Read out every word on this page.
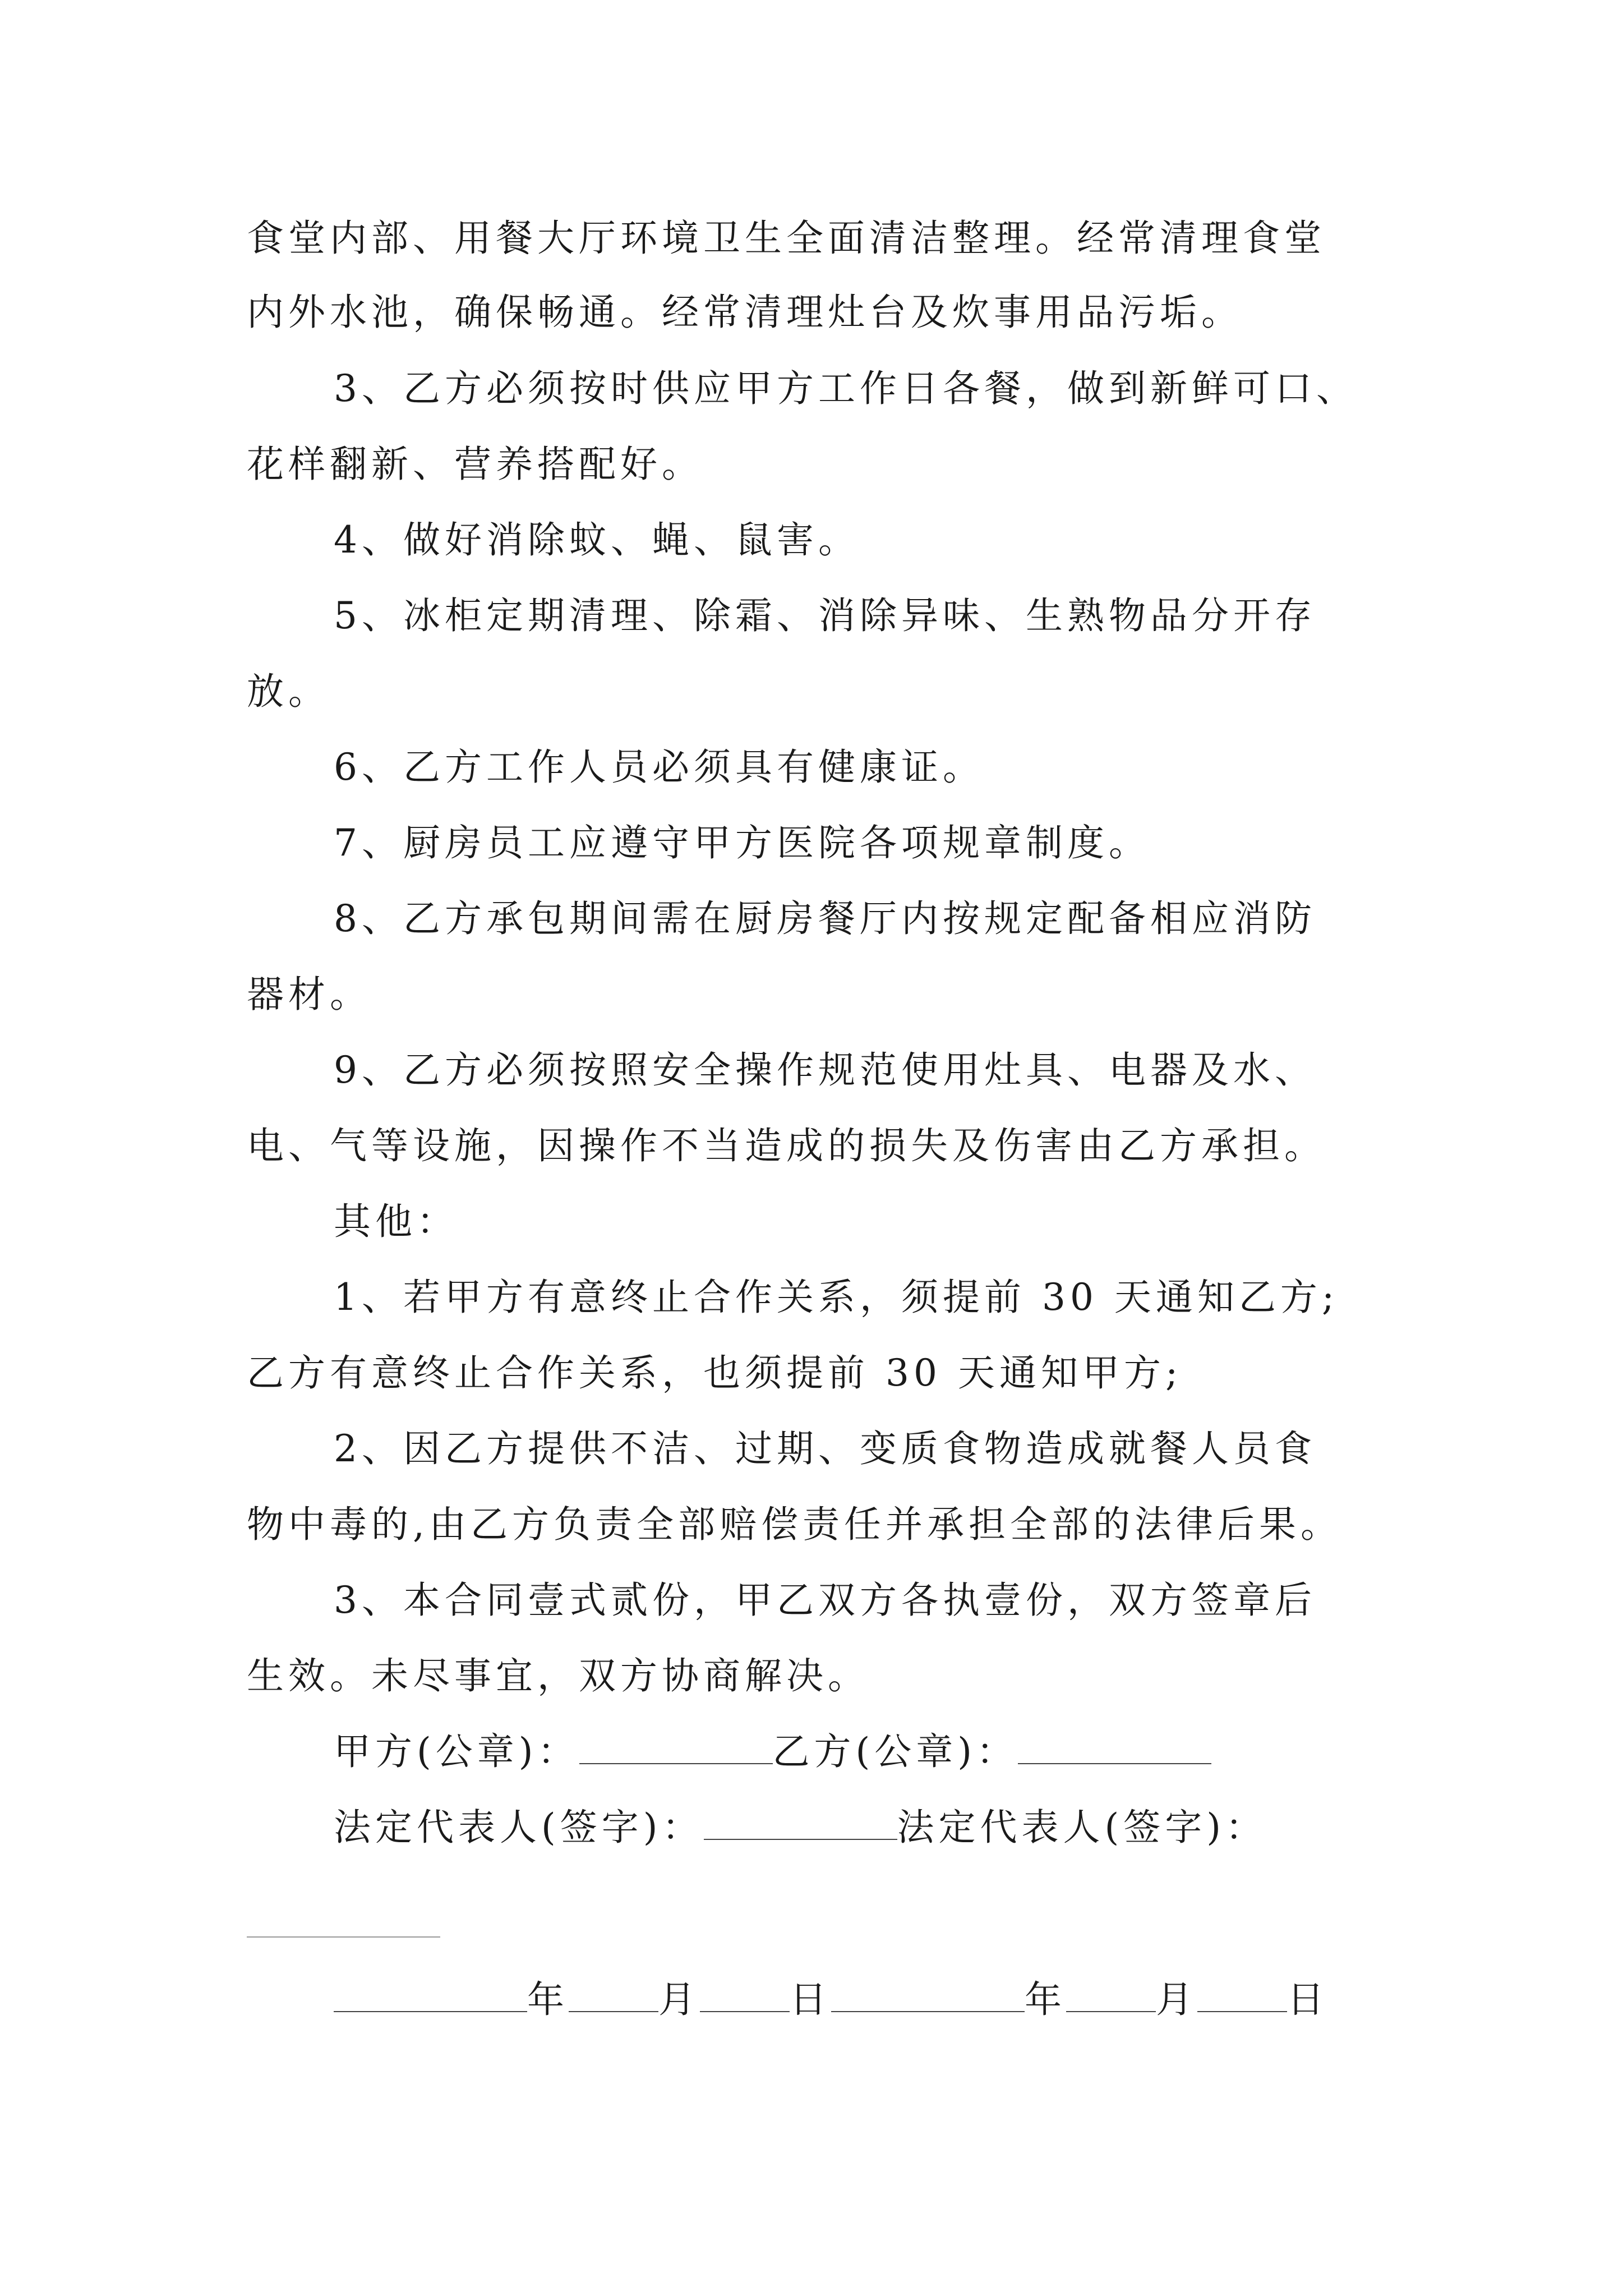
食堂内部、用餐大厅环境卫生全面清洁整理。经常清理食堂
内外水池，确保畅通。经常清理灶台及炊事用品污垢。
3、乙方必须按时供应甲方工作日各餐，做到新鲜可口、
花样翻新、营养搭配好。
4、做好消除蚊、蝇、鼠害。
5、冰柜定期清理、除霜、消除异味、生熟物品分开存
放。
6、乙方工作人员必须具有健康证。
7、厨房员工应遵守甲方医院各项规章制度。
8、乙方承包期间需在厨房餐厅内按规定配备相应消防
器材。
9、乙方必须按照安全操作规范使用灶具、电器及水、
电、气等设施，因操作不当造成的损失及伤害由乙方承担。
其他：
1、若甲方有意终止合作关系，须提前 30 天通知乙方;
乙方有意终止合作关系，也须提前 30 天通知甲方;
2、因乙方提供不洁、过期、变质食物造成就餐人员食
物中毒的,由乙方负责全部赔偿责任并承担全部的法律后果。
3、本合同壹式贰份，甲乙双方各执壹份，双方签章后
生效。未尽事宜，双方协商解决。
甲方(公章)：	乙方(公章)：
法定代表人(签字)：	法定代表人(签字)：
年 月 日	年 月 日
